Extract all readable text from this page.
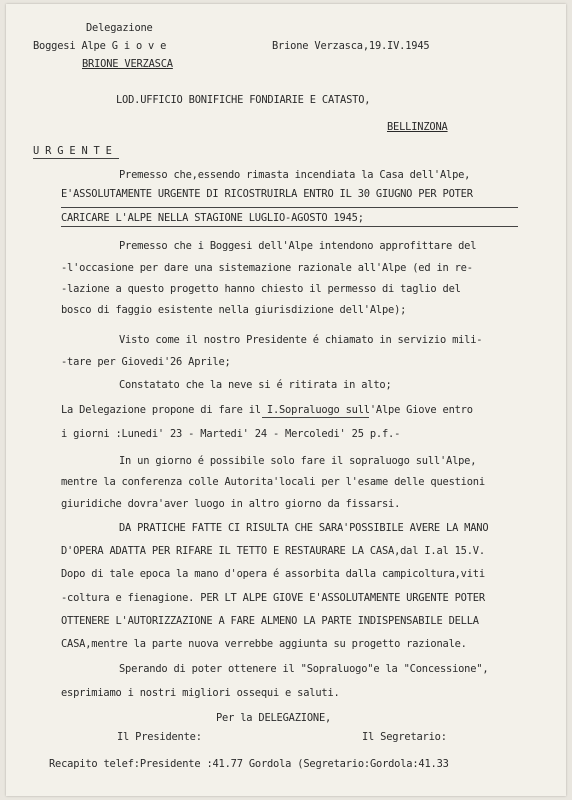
Delegazione
Boggesi Alpe G i o v e
BRIONE VERZASCA
Brione Verzasca,19.IV.1945
LOD.UFFICIO BONIFICHE FONDIARIE E CATASTO,
BELLINZONA
U R G E N T E
Premesso che,essendo rimasta incendiata la Casa dell'Alpe,
E'ASSOLUTAMENTE URGENTE DI RICOSTRUIRLA ENTRO IL 30 GIUGNO PER POTER
CARICARE L'ALPE NELLA STAGIONE LUGLIO-AGOSTO 1945;
Premesso che i Boggesi dell'Alpe intendono approfittare del
-l'occasione per dare una sistemazione razionale all'Alpe (ed in re-
-lazione a questo progetto hanno chiesto il permesso di taglio del
bosco di faggio esistente nella giurisdizione dell'Alpe);
Visto come il nostro Presidente é chiamato in servizio mili-
-tare per Giovedi'26 Aprile;
Constatato che la neve si é ritirata in alto;
La Delegazione propone di fare il I.Sopraluogo sull'Alpe Giove entro
i giorni :Lunedi' 23 - Martedi' 24 - Mercoledi' 25 p.f.-
In un giorno é possibile solo fare il sopraluogo sull'Alpe,
mentre la conferenza colle Autorita'locali per l'esame delle questioni
giuridiche dovra'aver luogo in altro giorno da fissarsi.
DA PRATICHE FATTE CI RISULTA CHE SARA'POSSIBILE AVERE LA MANO
D'OPERA ADATTA PER RIFARE IL TETTO E RESTAURARE LA CASA,dal I.al 15.V.
Dopo di tale epoca la mano d'opera é assorbita dalla campicoltura,viti
-coltura e fienagione. PER LT ALPE GIOVE E'ASSOLUTAMENTE URGENTE POTER
OTTENERE L'AUTORIZZAZIONE A FARE ALMENO LA PARTE INDISPENSABILE DELLA
CASA,mentre la parte nuova verrebbe aggiunta su progetto razionale.
Sperando di poter ottenere il "Sopraluogo"e la "Concessione",
esprimiamo i nostri migliori ossequi e saluti.
Per la DELEGAZIONE,
Il Presidente:	Il Segretario:
Recapito telef:Presidente :41.77 Gordola (Segretario:Gordola:41.33
